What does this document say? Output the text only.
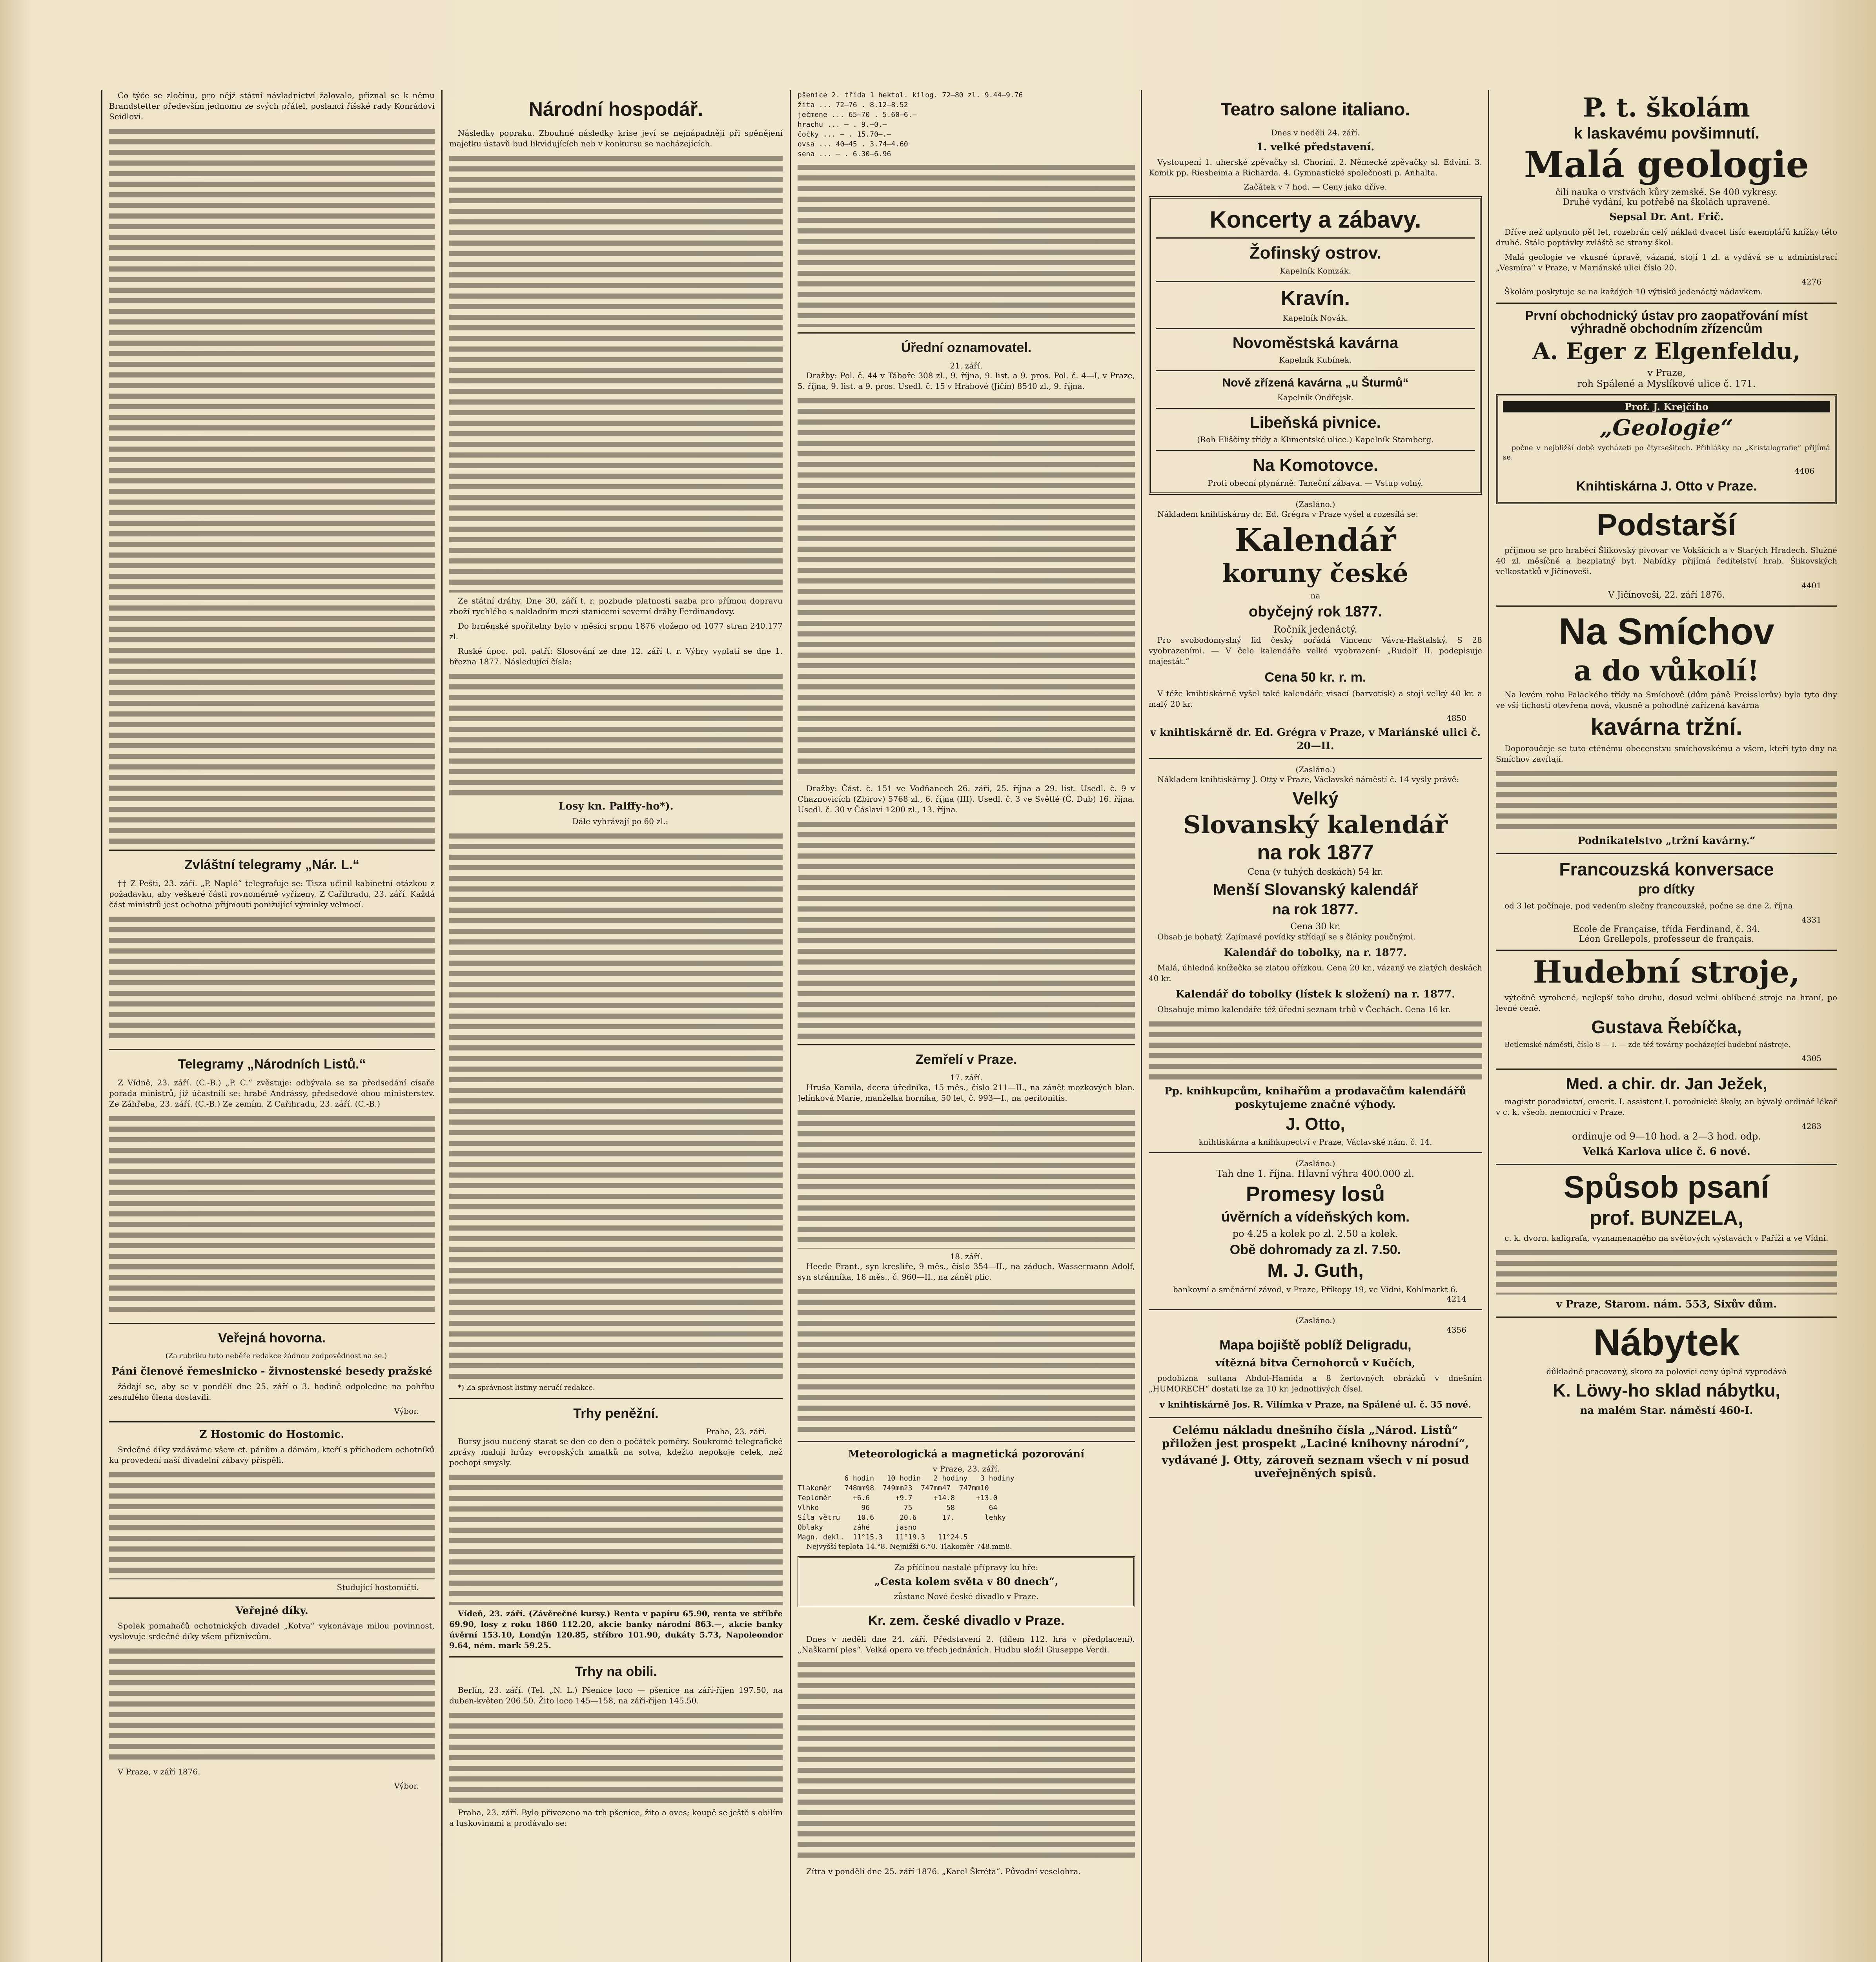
Co týče se zločinu, pro nějž státní návladnictví žalovalo, přiznal se k němu Brandstetter především jednomu ze svých přátel, poslanci říšské rady Konrádovi Seidlovi.

Zvláštní telegramy „Nár. L.“

†† Z Pešti, 23. září. „P. Napló“ telegrafuje se: Tisza učinil kabinetní otázkou z požadavku, aby veškeré části rovnoměrně vyřízeny. Z Cařihradu, 23. září. Každá část ministrů jest ochotna přijmouti ponižující výminky velmocí.

Telegramy „Národních Listů.“

Z Vídně, 23. září. (C.-B.) „P. C.“ zvěstuje: odbývala se za předsedání císaře porada ministrů, již účastnili se: hrabě Andrássy, předsedové obou ministerstev. Ze Záhřeba, 23. září. (C.-B.) Ze zemím. Z Cařihradu, 23. září. (C.-B.)

Veřejná hovorna.

(Za rubriku tuto neběře redakce žádnou zodpovědnost na se.)

Páni členové řemeslnicko - živnostenské besedy pražské

žádají se, aby se v pondělí dne 25. září o 3. hodině odpoledne na pohřbu zesnulého člena dostavili.

Výbor.
Z Hostomic do Hostomic.

Srdečné díky vzdáváme všem ct. pánům a dámám, kteří s příchodem ochotníků ku provedení naší divadelní zábavy přispěli.

Studující hostomičtí.
Veřejné díky.

Spolek pomahačů ochotnických divadel „Kotva“ vykonávaje milou povinnost, vyslovuje srdečné díky všem příznivcům.

V Praze, v září 1876.

Výbor.
Národní hospodář.

Následky popraku. Zbouhné následky krise jeví se nejnápadněji při spěnějení majetku ústavů bud likvidujících neb v konkursu se nacházejících.

Ze státní dráhy. Dne 30. září t. r. pozbude platnosti sazba pro přímou dopravu zboží rychlého s nakladním mezi stanicemi severní dráhy Ferdinandovy.

Do brněnské spořitelny bylo v měsíci srpnu 1876 vloženo od 1077 stran 240.177 zl.

Ruské úpoc. pol. patří: Slosování ze dne 12. září t. r. Výhry vyplatí se dne 1. března 1877. Následující čísla:

Losy kn. Palffy-ho*).

Dále vyhrávají po 60 zl.:

*) Za správnost listiny neručí redakce.

Trhy peněžní.
Praha, 23. září.

Bursy jsou nucený starat se den co den o počátek poměry. Soukromé telegrafické zprávy malují hrůzy evropských zmatků na sotva, kdežto nepokoje celek, než pochopí smysly.

Vídeň, 23. září. (Závěrečné kursy.) Renta v papíru 65.90, renta ve stříbře 69.90, losy z roku 1860 112.20, akcie banky národní 863.—, akcie banky úvěrní 153.10, Londýn 120.85, stříbro 101.90, dukáty 5.73, Napoleondor 9.64, ném. mark 59.25.

Trhy na obili.

Berlín, 23. září. (Tel. „N. L.) Pšenice loco — pšenice na září-říjen 197.50, na duben-květen 206.50. Žito loco 145—158, na září-říjen 145.50.

Praha, 23. září. Bylo přivezeno na trh pšenice, žito a oves; koupě se ještě s obilím a luskovinami a prodávalo se:

pšenice 2. třída 1 hektol. kilog. 72—80 zl. 9.44—9.76
žita ... 72—76 . 8.12—8.52
ječmene ... 65—70 . 5.60—6.—
hrachu ... — . 9.—0.—
čočky ... — . 15.70—.—
ovsa ... 40—45 . 3.74—4.60
sena ... — . 6.30—6.96
Úřední oznamovatel.
21. září.

Dražby: Pol. č. 44 v Táboře 308 zl., 9. října, 9. list. a 9. pros. Pol. č. 4—I, v Praze, 5. října, 9. list. a 9. pros. Usedl. č. 15 v Hrabové (Jičín) 8540 zl., 9. října.

Dražby: Část. č. 151 ve Vodňanech 26. září, 25. října a 29. list. Usedl. č. 9 v Chaznovicích (Zbirov) 5768 zl., 6. října (III). Usedl. č. 3 ve Světlé (Č. Dub) 16. října. Usedl. č. 30 v Čáslavi 1200 zl., 13. října.

Zemřelí v Praze.
17. září.

Hruša Kamila, dcera úředníka, 15 měs., číslo 211—II., na zánět mozkových blan. Jelínková Marie, manželka horníka, 50 let, č. 993—I., na peritonitis.

18. září.

Heede Frant., syn kreslíře, 9 měs., číslo 354—II., na záduch. Wassermann Adolf, syn stránníka, 18 měs., č. 960—II., na zánět plic.

Meteorologická a magnetická pozorování
v Praze, 23. září.
6 hodin   10 hodin   2 hodiny   3 hodiny
Tlakoměr   748mm98  749mm23  747mm47  747mm10
Teploměr     +6.6      +9.7     +14.8     +13.0
Vlhko          96        75        58        64
Síla větru    10.6      20.6      17.       lehky
Oblaky       záhé      jasno
Magn. dekl.  11°15.3   11°19.3   11°24.5

Nejvyšší teplota 14.°8. Nejnižší 6.°0. Tlakoměr 748.mm8.

Za příčinou nastalé přípravy ku hře:
„Cesta kolem světa v 80 dnech“,
zůstane Nové české divadlo v Praze.
Kr. zem. české divadlo v Praze.

Dnes v neděli dne 24. září. Představení 2. (dílem 112. hra v předplacení). „Naškarní ples“. Velká opera ve třech jednáních. Hudbu složil Giuseppe Verdi.

Zítra v pondělí dne 25. září 1876. „Karel Škréta“. Původní veselohra.

Teatro salone italiano.
Dnes v neděli 24. září.
1. velké představení.

Vystoupení 1. uherské zpěvačky sl. Chorini. 2. Německé zpěvačky sl. Edvini. 3. Komik pp. Riesheima a Richarda. 4. Gymnastické společnosti p. Anhalta.

Začátek v 7 hod. — Ceny jako dříve.
Koncerty a zábavy.
Žofinský ostrov.
Kapelník Komzák.
Kravín.
Kapelník Novák.
Novoměstská kavárna
Kapelník Kubínek.
Nově zřízená kavárna „u Šturmů“
Kapelník Ondřejsk.
Libeňská pivnice.
(Roh Eliščiny třídy a Klimentské ulice.) Kapelník Stamberg.
Na Komotovce.
Proti obecní plynárně: Taneční zábava. — Vstup volný.
(Zasláno.)

Nákladem knihtiskárny dr. Ed. Grégra v Praze vyšel a rozesílá se:

Kalendář
koruny české
na
obyčejný rok 1877.
Ročník jedenáctý.

Pro svobodomyslný lid český pořádá Vincenc Vávra-Haštalský. S 28 vyobrazeními. — V čele kalendáře velké vyobrazení: „Rudolf II. podepisuje majestát.“

Cena 50 kr. r. m.

V téže knihtiskárně vyšel také kalendáře visací (barvotisk) a stojí velký 40 kr. a malý 20 kr.

4850
v knihtiskárně dr. Ed. Grégra v Praze, v Mariánské ulici č. 20—II.
(Zasláno.)

Nákladem knihtiskárny J. Otty v Praze, Václavské náměstí č. 14 vyšly právě:

Velký
Slovanský kalendář
na rok 1877
Cena (v tuhých deskách) 54 kr.
Menší Slovanský kalendář
na rok 1877.
Cena 30 kr.

Obsah je bohatý. Zajímavé povídky střídají se s články poučnými.

Kalendář do tobolky, na r. 1877.

Malá, úhledná knížečka se zlatou ořízkou. Cena 20 kr., vázaný ve zlatých deskách 40 kr.

Kalendář do tobolky (lístek k složení) na r. 1877.

Obsahuje mimo kalendáře též úřední seznam trhů v Čechách. Cena 16 kr.

Pp. knihkupcům, knihařům a prodavačům kalendářů poskytujeme značné výhody.
J. Otto,
knihtiskárna a knihkupectví v Praze, Václavské nám. č. 14.
(Zasláno.)
Tah dne 1. října. Hlavní výhra 400.000 zl.
Promesy losů
úvěrních a vídeňských kom.
po 4.25 a kolek po zl. 2.50 a kolek.
Obě dohromady za zl. 7.50.
M. J. Guth,
bankovní a směnární závod, v Praze, Příkopy 19, ve Vídni, Kohlmarkt 6.
4214
(Zasláno.)
4356
Mapa bojiště poblíž Deligradu,
vítězná bitva Černohorců v Kučích,

podobizna sultana Abdul-Hamida a 8 žertovných obrázků v dnešním „HUMORECH“ dostati lze za 10 kr. jednotlivých čísel.

v knihtiskárně Jos. R. Vilímka v Praze, na Spálené ul. č. 35 nové.
Celému nákladu dnešního čísla „Národ. Listů“ přiložen jest prospekt „Laciné knihovny národní“,
vydávané J. Otty, zároveň seznam všech v ní posud uveřejněných spisů.
P. t. školám
k laskavému povšimnutí.
Malá geologie
čili nauka o vrstvách kůry zemské. Se 400 vykresy.
Druhé vydání, ku potřebě na školách upravené.
Sepsal Dr. Ant. Frič.

Dříve než uplynulo pět let, rozebrán celý náklad dvacet tisíc exemplářů knížky této druhé. Stále poptávky zvláště se strany škol.

Malá geologie ve vkusné úpravě, vázaná, stojí 1 zl. a vydává se u administrací „Vesmíra“ v Praze, v Mariánské ulici číslo 20.

4276

Školám poskytuje se na každých 10 výtisků jedenáctý nádavkem.

První obchodnický ústav pro zaopatřování míst výhradně obchodním zřízencům
A. Eger z Elgenfeldu,
v Praze,
roh Spálené a Myslíkové ulice č. 171.
Prof. J. Krejčího
„Geologie“

počne v nejbližší době vycházeti po čtyrsešitech. Přihlášky na „Kristalografie“ přijímá se.

4406
Knihtiskárna J. Otto v Praze.
Podstarší

přijmou se pro hraběcí Šlikovský pivovar ve Vokšicích a v Starých Hradech. Služné 40 zl. měsíčně a bezplatný byt. Nabídky přijímá ředitelství hrab. Šlikovských velkostatků v Jičínoveši.

4401
V Jičínoveši, 22. září 1876.
Na Smíchov
a do vůkolí!

Na levém rohu Palackého třídy na Smíchově (dům páně Preisslerův) byla tyto dny ve vší tichosti otevřena nová, vkusně a pohodlně zařízená kavárna

kavárna tržní.

Doporoučeje se tuto ctěnému obecenstvu smíchovskému a všem, kteří tyto dny na Smíchov zavítají.

Podnikatelstvo „tržní kavárny.“
Francouzská konversace
pro dítky

od 3 let počínaje, pod vedením slečny francouzské, počne se dne 2. října.

4331
Ecole de Française, třída Ferdinand, č. 34.
Léon Grellepols, professeur de français.
Hudební stroje,

výtečně vyrobené, nejlepší toho druhu, dosud velmi oblíbené stroje na hraní, po levné ceně.

Gustava Řebíčka,

Betlemské náměstí, číslo 8 — I. — zde též továrny pocházející hudební nástroje.

4305
Med. a chir. dr. Jan Ježek,

magistr porodnictví, emerit. I. assistent I. porodnické školy, an bývalý ordinář lékař v c. k. všeob. nemocnici v Praze.

4283
ordinuje od 9—10 hod. a 2—3 hod. odp.
Velká Karlova ulice č. 6 nové.
Spůsob psaní
prof. BUNZELA,

c. k. dvorn. kaligrafa, vyznamenaného na světových výstavách v Paříži a ve Vídni.

v Praze, Starom. nám. 553, Sixův dům.
Nábytek

důkladně pracovaný, skoro za polovici ceny úplná vyprodává

K. Löwy-ho sklad nábytku,
na malém Star. náměstí 460-I.
